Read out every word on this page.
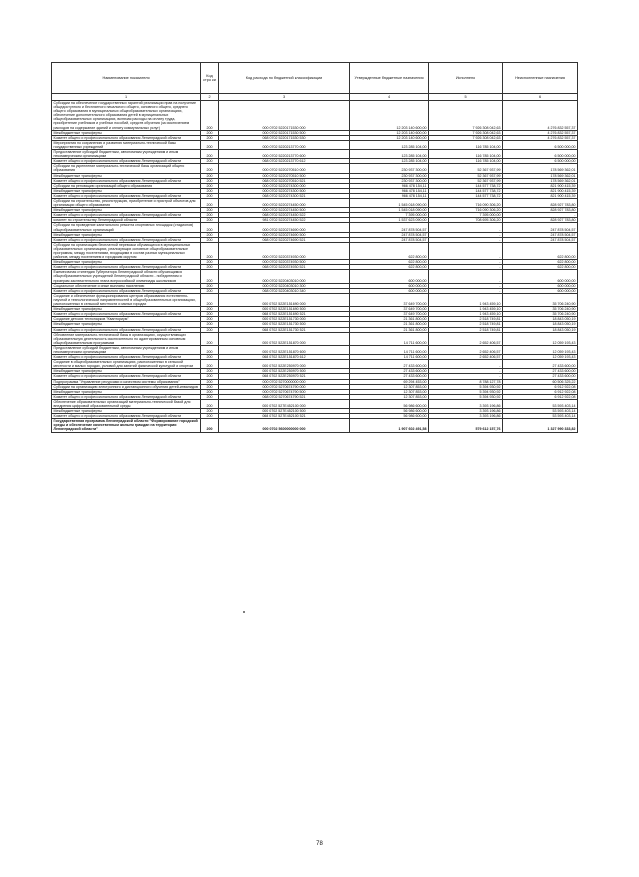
Наименование показателя	Код стро ки	Код расхода по бюджетной классификации	Утвержденные бюджетные назначения	Исполнено	Неисполненные назначения
1	2	3	4	5	6
Субсидии на обеспечение государственных гарантий реализации прав на получение общедоступного и бесплатного начального общего, основного общего, среднего общего образования в муниципальных общеобразовательных организациях, обеспечение дополнительного образования детей в муниципальных общеобразовательных организациях, включая расходы на оплату труда, приобретение учебников и учебных пособий, средств обучения (за исключением расходов на содержание зданий и оплату коммунальных услуг)	200	000 0702 5220171530 000	12 203 140 600,00	7 926 308 042,63	4 276 832 557,37
Межбюджетные трансферты	200	000 0702 5220171530 500	12 203 140 600,00	7 926 308 042,63	4 276 832 557,37
Комитет общего и профессионального образования Ленинградской области	200	068 0702 5220171530 530	12 203 140 600,00	7 926 308 042,63	4 276 832 557,37
Мероприятия по сохранению и развитию материально-технической базы государственных учреждений	200	000 0702 5220213770 000	123 285 104,00	116 785 104,00	6 500 000,00
Предоставление субсидий бюджетным, автономным учреждениям и иным некоммерческим организациям	200	000 0702 5220213770 600	123 285 104,00	116 785 104,00	6 500 000,00
Комитет общего и профессионального образования Ленинградской области	200	068 0702 5220213770 612	123 285 104,00	116 785 104,00	6 500 000,00
Субсидии на укрепление материально-технической базы организаций общего образования	200	000 0702 5220270510 000	230 937 300,00	52 367 937,99	178 569 362,01
Межбюджетные трансферты	200	000 0702 5220270510 500	230 937 300,00	52 367 937,99	178 569 362,01
Комитет общего и профессионального образования Ленинградской области	200	068 0702 5220270510 521	230 937 300,00	52 367 937,99	178 569 362,01
Субсидии на реновацию организаций общего образования	200	000 0702 5220274300 000	966 478 154,11	144 577 738,72	821 900 415,39
Межбюджетные трансферты	200	000 0702 5220274300 500	966 478 154,11	144 577 738,72	821 900 415,39
Комитет общего и профессионального образования Ленинградской области	200	068 0702 5220274300 521	966 478 154,11	144 577 738,72	821 900 415,39
Субсидии на строительство, реконструкцию, приобретение и пристрой объектов для организации общего образования	200	000 0702 5220274450 000	1 545 018 090,00	716 090 306,20	828 927 783,80
Межбюджетные трансферты	200	000 0702 5220274450 500	1 545 018 090,00	716 090 306,20	828 927 783,80
Комитет общего и профессионального образования Ленинградской области	200	068 0702 5220274450 522	7 395 000,00	7 395 000,00	-
комитет по строительству Ленинградской области	200	981 0702 5220274450 522	1 537 623 090,00	708 695 306,20	828 927 783,80
Субсидии на проведение капитального ремонта спортивных площадок (стадионов) общеобразовательных организаций	200	000 0702 5220274690 000	247 878 504,57	-	247 878 504,57
Межбюджетные трансферты	200	000 0702 5220274690 500	247 878 504,57	-	247 878 504,57
Комитет общего и профессионального образования Ленинградской области	200	068 0702 5220274690 521	247 878 504,57	-	247 878 504,57
Субсидии на организацию бесплатной перевозки обучающихся в муниципальных образовательных организациях, реализующих основные общеобразовательные программы, между поселениями, входящими в состав разных муниципальных районов, между поселением и городским округом	200	000 0702 5220374930 000	622 800,00	-	622 800,00
Межбюджетные трансферты	200	000 0702 5220374930 500	622 800,00	-	622 800,00
Комитет общего и профессионального образования Ленинградской области	200	068 0702 5220374930 521	622 800,00	-	622 800,00
Ежемесячная стипендия Губернатора Ленинградской области обучающимся общеобразовательных учреждений Ленинградской области - победителям и призерам заключительного этапа всероссийской олимпиады школьников	200	000 0702 5220403010 000	600 000,00	-	600 000,00
Социальное обеспечение и иные выплаты населению	200	000 0702 5220403010 300	600 000,00	-	600 000,00
Комитет общего и профессионального образования Ленинградской области	200	068 0702 5220403010 340	600 000,00	-	600 000,00
Создание и обеспечение функционирования центров образования естественно-научной и технологической направленностей в общеобразовательных организациях, расположенных в сельской местности и малых городах	200	000 0702 522E151690 000	37 649 700,00	1 943 459,10	35 706 240,90
Межбюджетные трансферты	200	000 0702 522E151690 500	37 649 700,00	1 943 459,10	35 706 240,90
Комитет общего и профессионального образования Ленинградской области	200	068 0702 522E151690 521	37 649 700,00	1 943 459,10	35 706 240,90
Создание детских технопарков "Кванториум"	200	000 0702 522E151730 000	21 361 800,00	2 518 749,81	18 843 050,19
Межбюджетные трансферты	200	000 0702 522E151730 500	21 361 800,00	2 518 749,81	18 843 050,19
Комитет общего и профессионального образования Ленинградской области	200	068 0702 522E151730 521	21 361 800,00	2 518 749,81	18 843 050,19
Обновление материально-технической базы в организациях, осуществляющих образовательную деятельность исключительно по адаптированным основным общеобразовательным программам	200	000 0702 522E151870 000	14 711 600,00	2 652 406,57	12 059 193,43
Предоставление субсидий бюджетным, автономным учреждениям и иным некоммерческим организациям	200	000 0702 522E151870 600	14 711 600,00	2 652 406,57	12 059 193,43
Комитет общего и профессионального образования Ленинградской области	200	068 0702 522E151870 612	14 711 600,00	2 652 406,57	12 059 193,43
Создание в общеобразовательных организациях, расположенных в сельской местности и малых городах, условий для занятий физической культурой и спортом	200	000 0702 522E250970 000	27 433 600,00	-	27 433 600,00
Межбюджетные трансферты	200	000 0702 522E250970 500	27 433 600,00	-	27 433 600,00
Комитет общего и профессионального образования Ленинградской области	200	068 0702 522E250970 521	27 433 600,00	-	27 433 600,00
Подпрограмма "Управление ресурсами и качеством системы образования"	200	000 0702 5270000000 000	69 294 453,00	8 788 127,78	60 506 325,22
Субсидии на организацию электронного и дистанционного обучения детей-инвалидов	200	000 0702 5270674790 000	12 307 853,00	5 394 930,92	6 912 922,08
Межбюджетные трансферты	200	000 0702 5270674790 500	12 307 853,00	5 394 930,92	6 912 922,08
Комитет общего и профессионального образования Ленинградской области	200	068 0702 5270674790 521	12 307 853,00	5 394 930,92	6 912 922,08
Обеспечение образовательных организаций материально-технической базой для внедрения цифровой образовательной среды	200	000 0702 527E452100 000	56 986 600,00	3 393 196,86	53 593 403,14
Межбюджетные трансферты	200	000 0702 527E452100 500	56 986 600,00	3 393 196,86	53 593 403,14
Комитет общего и профессионального образования Ленинградской области	200	068 0702 527E452100 521	56 986 600,00	3 393 196,86	53 593 403,14
Государственная программа Ленинградской области "Формирование городской среды и обеспечение качественным жильем граждан на территории Ленинградской области"	200	000 0702 5600000000 000	1 907 602 491,58	579 612 157,76	1 327 990 333,82
78
